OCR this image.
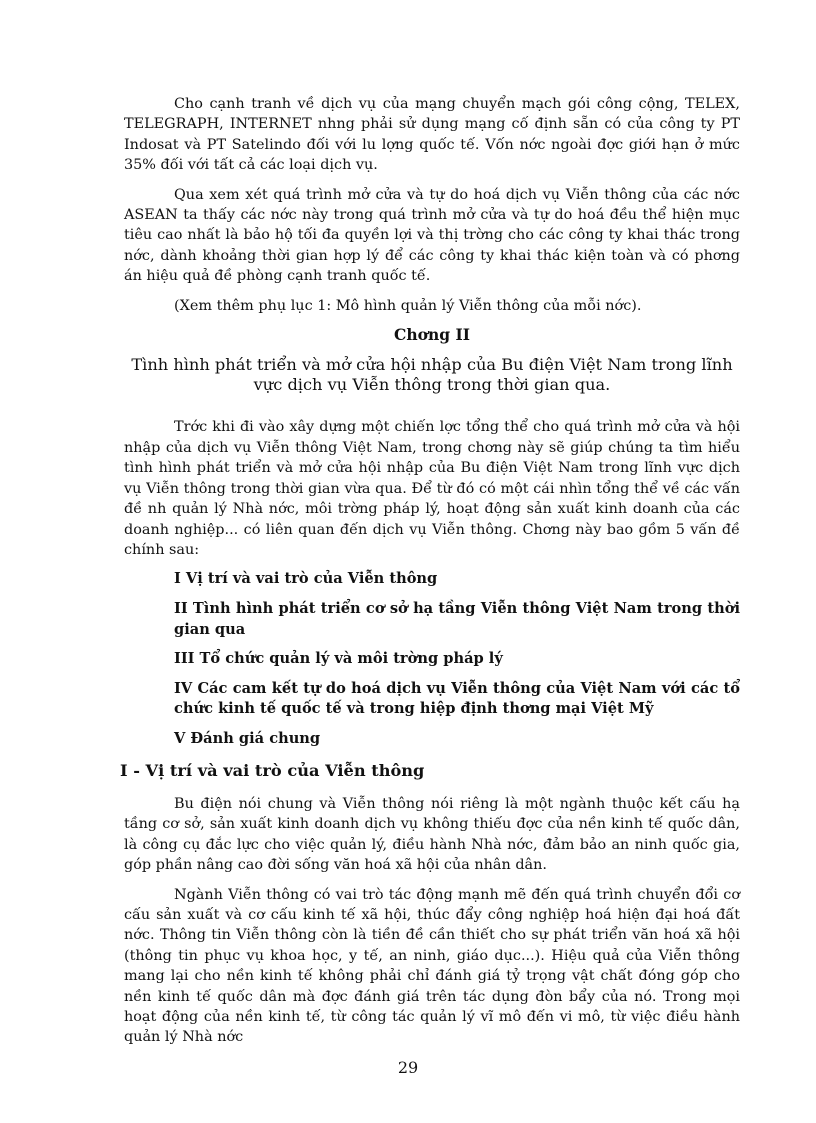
Cho cạnh tranh về dịch vụ của mạng chuyển mạch gói công cộng, TELEX, TELEGRAPH, INTERNET nhng phải sử dụng mạng cố định sẵn có của công ty PT Indosat và PT Satelindo đối với lu lợng quốc tế. Vốn nớc ngoài đợc giới hạn ở mức 35% đối với tất cả các loại dịch vụ.

Qua xem xét quá trình mở cửa và tự do hoá dịch vụ Viễn thông của các nớc ASEAN ta thấy các nớc này trong quá trình mở cửa và tự do hoá đều thể hiện mục tiêu cao nhất là bảo hộ tối đa quyền lợi và thị trờng cho các công ty khai thác trong nớc, dành khoảng thời gian hợp lý để các công ty khai thác kiện toàn và có phơng án hiệu quả đề phòng cạnh tranh quốc tế.

(Xem thêm phụ lục 1: Mô hình quản lý Viễn thông của mỗi nớc).

Chơng II
Tình hình phát triển và mở cửa hội nhập của Bu điện Việt Nam trong lĩnh vực dịch vụ Viễn thông trong thời gian qua.

Trớc khi đi vào xây dựng một chiến lợc tổng thể cho quá trình mở cửa và hội nhập của dịch vụ Viễn thông Việt Nam, trong chơng này sẽ giúp chúng ta tìm hiểu tình hình phát triển và mở cửa hội nhập của Bu điện Việt Nam trong lĩnh vực dịch vụ Viễn thông trong thời gian vừa qua. Để từ đó có một cái nhìn tổng thể về các vấn đề nh quản lý Nhà nớc, môi trờng pháp lý, hoạt động sản xuất kinh doanh của các doanh nghiệp... có liên quan đến dịch vụ Viễn thông. Chơng này bao gồm 5 vấn đề chính sau:

I Vị trí và vai trò của Viễn thông
II Tình hình phát triển cơ sở hạ tầng Viễn thông Việt Nam trong thời gian qua
III Tổ chức quản lý và môi trờng pháp lý
IV Các cam kết tự do hoá dịch vụ Viễn thông của Việt Nam với các tổ chức kinh tế quốc tế và trong hiệp định thơng mại Việt Mỹ
V Đánh giá chung
I - Vị trí và vai trò của Viễn thông

Bu điện nói chung và Viễn thông nói riêng là một ngành thuộc kết cấu hạ tầng cơ sở, sản xuất kinh doanh dịch vụ không thiếu đợc của nền kinh tế quốc dân, là công cụ đắc lực cho việc quản lý, điều hành Nhà nớc, đảm bảo an ninh quốc gia, góp phần nâng cao đời sống văn hoá xã hội của nhân dân.

Ngành Viễn thông có vai trò tác động mạnh mẽ đến quá trình chuyển đổi cơ cấu sản xuất và cơ cấu kinh tế xã hội, thúc đẩy công nghiệp hoá hiện đại hoá đất nớc. Thông tin Viễn thông còn là tiền đề cần thiết cho sự phát triển văn hoá xã hội (thông tin phục vụ khoa học, y tế, an ninh, giáo dục...). Hiệu quả của Viễn thông mang lại cho nền kinh tế không phải chỉ đánh giá tỷ trọng vật chất đóng góp cho nền kinh tế quốc dân mà đợc đánh giá trên tác dụng đòn bẩy của nó. Trong mọi hoạt động của nền kinh tế, từ công tác quản lý vĩ mô đến vi mô, từ việc điều hành quản lý Nhà nớc

29
